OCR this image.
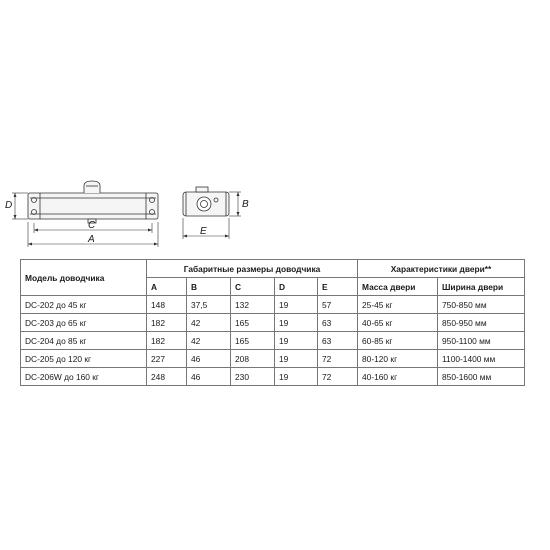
D
C
A
B
E
Модель доводчика	Габаритные размеры доводчика					Характеристики двери**	
	A	B	C	D	E	Масса двери	Ширина двери
DC-202 до 45 кг	148	37,5	132	19	57	25-45 кг	750-850 мм
DC-203 до 65 кг	182	42	165	19	63	40-65 кг	850-950 мм
DC-204 до 85 кг	182	42	165	19	63	60-85 кг	950-1100 мм
DC-205 до 120 кг	227	46	208	19	72	80-120 кг	1100-1400 мм
DC-206W до 160 кг	248	46	230	19	72	40-160 кг	850-1600 мм
